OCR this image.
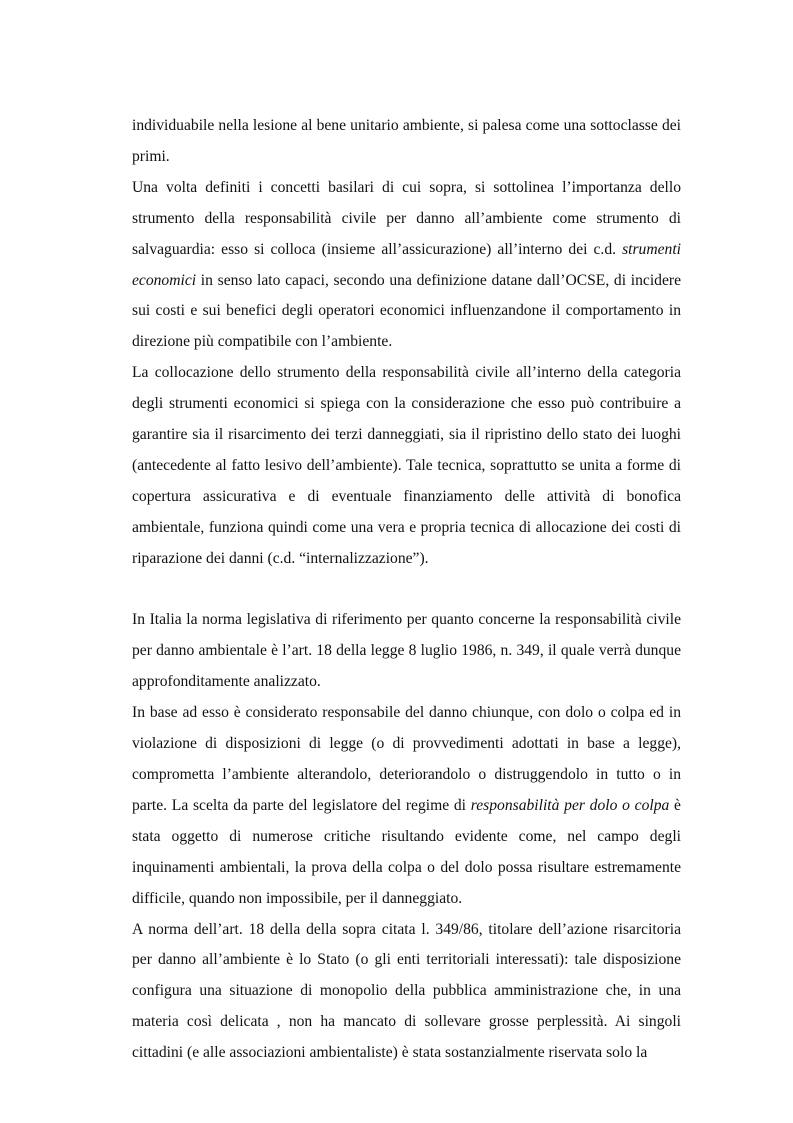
individuabile nella lesione al bene unitario ambiente, si palesa come una sottoclasse dei primi.

Una volta definiti i concetti basilari di cui sopra, si sottolinea l’importanza dello strumento della responsabilità civile per danno all’ambiente come strumento di salvaguardia: esso si colloca (insieme all’assicurazione) all’interno dei c.d. strumenti economici in senso lato capaci, secondo una definizione datane dall’OCSE, di incidere sui costi e sui benefici degli operatori economici influenzandone il comportamento in direzione più compatibile con l’ambiente.

La collocazione dello strumento della responsabilità civile all’interno della categoria degli strumenti economici si spiega con la considerazione che esso può contribuire a garantire sia il risarcimento dei terzi danneggiati, sia il ripristino dello stato dei luoghi (antecedente al fatto lesivo dell’ambiente). Tale tecnica, soprattutto se unita a forme di copertura assicurativa e di eventuale finanziamento delle attività di bonofica ambientale, funziona quindi come una vera e propria tecnica di allocazione dei costi di riparazione dei danni (c.d. “internalizzazione”).

In Italia la norma legislativa di riferimento per quanto concerne la responsabilità civile per danno ambientale è l’art. 18 della legge 8 luglio 1986, n. 349, il quale verrà dunque approfonditamente analizzato.

In base ad esso è considerato responsabile del danno chiunque, con dolo o colpa ed in violazione di disposizioni di legge (o di provvedimenti adottati in base a legge), comprometta l’ambiente alterandolo, deteriorandolo o distruggendolo in tutto o in parte. La scelta da parte del legislatore del regime di responsabilità per dolo o colpa è stata oggetto di numerose critiche risultando evidente come, nel campo degli inquinamenti ambientali, la prova della colpa o del dolo possa risultare estremamente difficile, quando non impossibile, per il danneggiato.

A norma dell’art. 18 della della sopra citata l. 349/86, titolare dell’azione risarcitoria per danno all’ambiente è lo Stato (o gli enti territoriali interessati): tale disposizione configura una situazione di monopolio della pubblica amministrazione che, in una materia così delicata , non ha mancato di sollevare grosse perplessità. Ai singoli cittadini (e alle associazioni ambientaliste) è stata sostanzialmente riservata solo la
